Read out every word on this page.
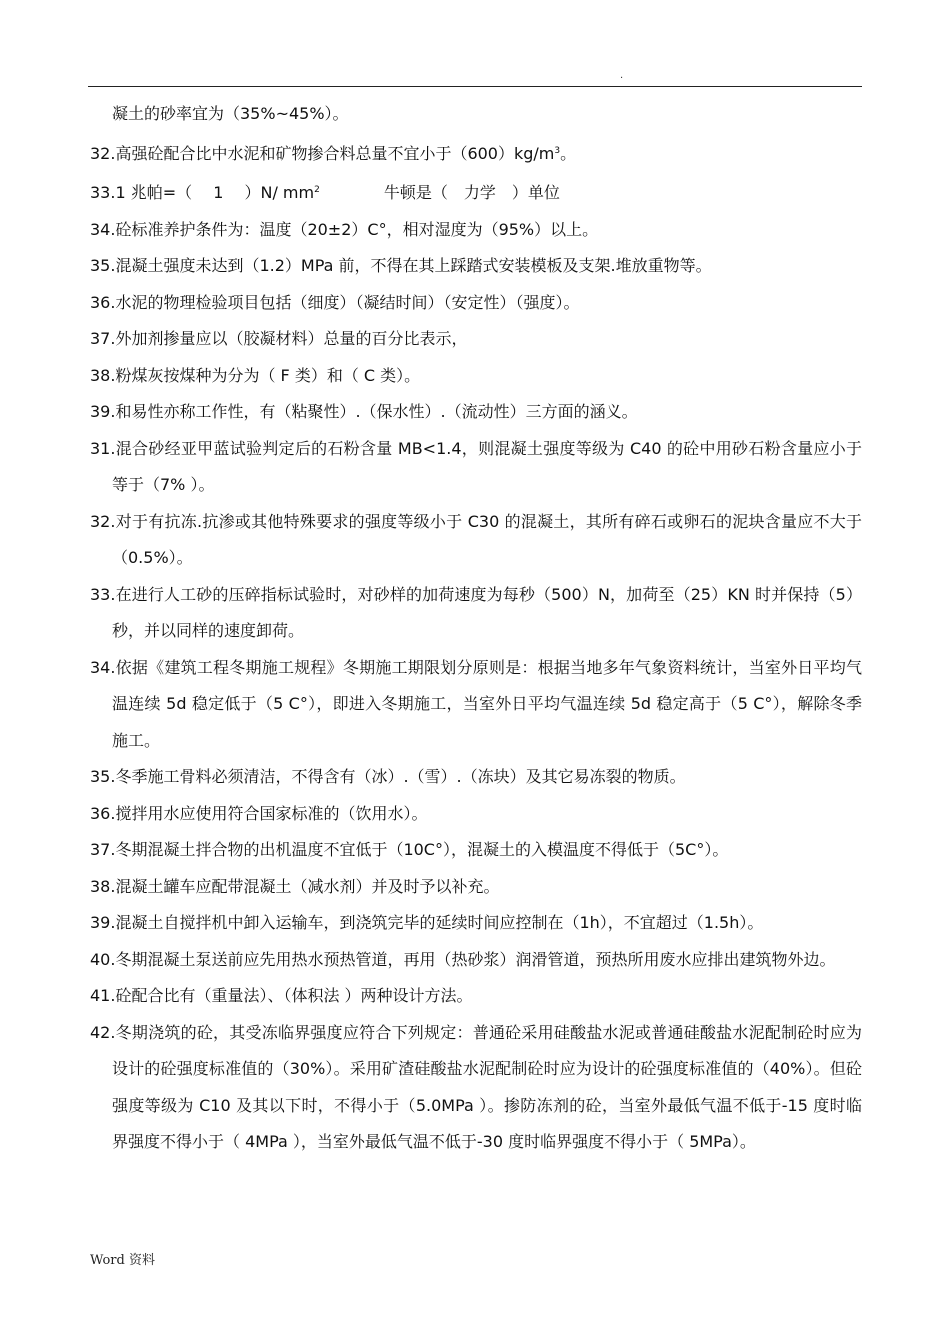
.

凝土的砂率宜为（35%~45%）。

32.高强砼配合比中水泥和矿物掺合料总量不宜小于$(600)kg/m^3$。

33.1 兆帕=（　 1　 ）N/ $mm^2$　　　　牛顿是（　力学　）单位

34.砼标准养护条件为：温度（20±2）C°，相对湿度为（95%）以上。

35.混凝土强度未达到（1.2）MPa 前，不得在其上踩踏式安装模板及支架.堆放重物等。

36.水泥的物理检验项目包括（细度）（凝结时间）（安定性）（强度）。

37.外加剂掺量应以（胶凝材料）总量的百分比表示，

38.粉煤灰按煤种为分为（ F 类）和（ C 类）。

39.和易性亦称工作性，有（粘聚性）.（保水性）.（流动性）三方面的涵义。

31.混合砂经亚甲蓝试验判定后的石粉含量 MB<1.4，则混凝土强度等级为 C40 的砼中用砂石粉含量应小于等于（7% ）。

32.对于有抗冻.抗渗或其他特殊要求的强度等级小于 C30 的混凝土，其所有碎石或卵石的泥块含量应不大于（0.5%）。

33.在进行人工砂的压碎指标试验时，对砂样的加荷速度为每秒（500）N，加荷至（25）KN 时并保持（5）秒，并以同样的速度卸荷。

34.依据《建筑工程冬期施工规程》冬期施工期限划分原则是：根据当地多年气象资料统计，当室外日平均气温连续 5d 稳定低于（5 C°），即进入冬期施工，当室外日平均气温连续 5d 稳定高于（5 C°），解除冬季施工。

35.冬季施工骨料必须清洁，不得含有（冰）.（雪）.（冻块）及其它易冻裂的物质。

36.搅拌用水应使用符合国家标准的（饮用水）。

37.冬期混凝土拌合物的出机温度不宜低于（10C°），混凝土的入模温度不得低于（5C°）。

38.混凝土罐车应配带混凝土（减水剂）并及时予以补充。

39.混凝土自搅拌机中卸入运输车，到浇筑完毕的延续时间应控制在（1h），不宜超过（1.5h）。

40.冬期混凝土泵送前应先用热水预热管道，再用（热砂浆）润滑管道，预热所用废水应排出建筑物外边。

41.砼配合比有（重量法）、（体积法 ）两种设计方法。

42.冬期浇筑的砼，其受冻临界强度应符合下列规定：普通砼采用硅酸盐水泥或普通硅酸盐水泥配制砼时应为设计的砼强度标准值的（30%）。采用矿渣硅酸盐水泥配制砼时应为设计的砼强度标准值的（40%）。但砼强度等级为 C10 及其以下时，不得小于（5.0MPa ）。掺防冻剂的砼，当室外最低气温不低于-15 度时临界强度不得小于（ 4MPa ），当室外最低气温不低于-30 度时临界强度不得小于（ 5MPa）。

Word 资料
